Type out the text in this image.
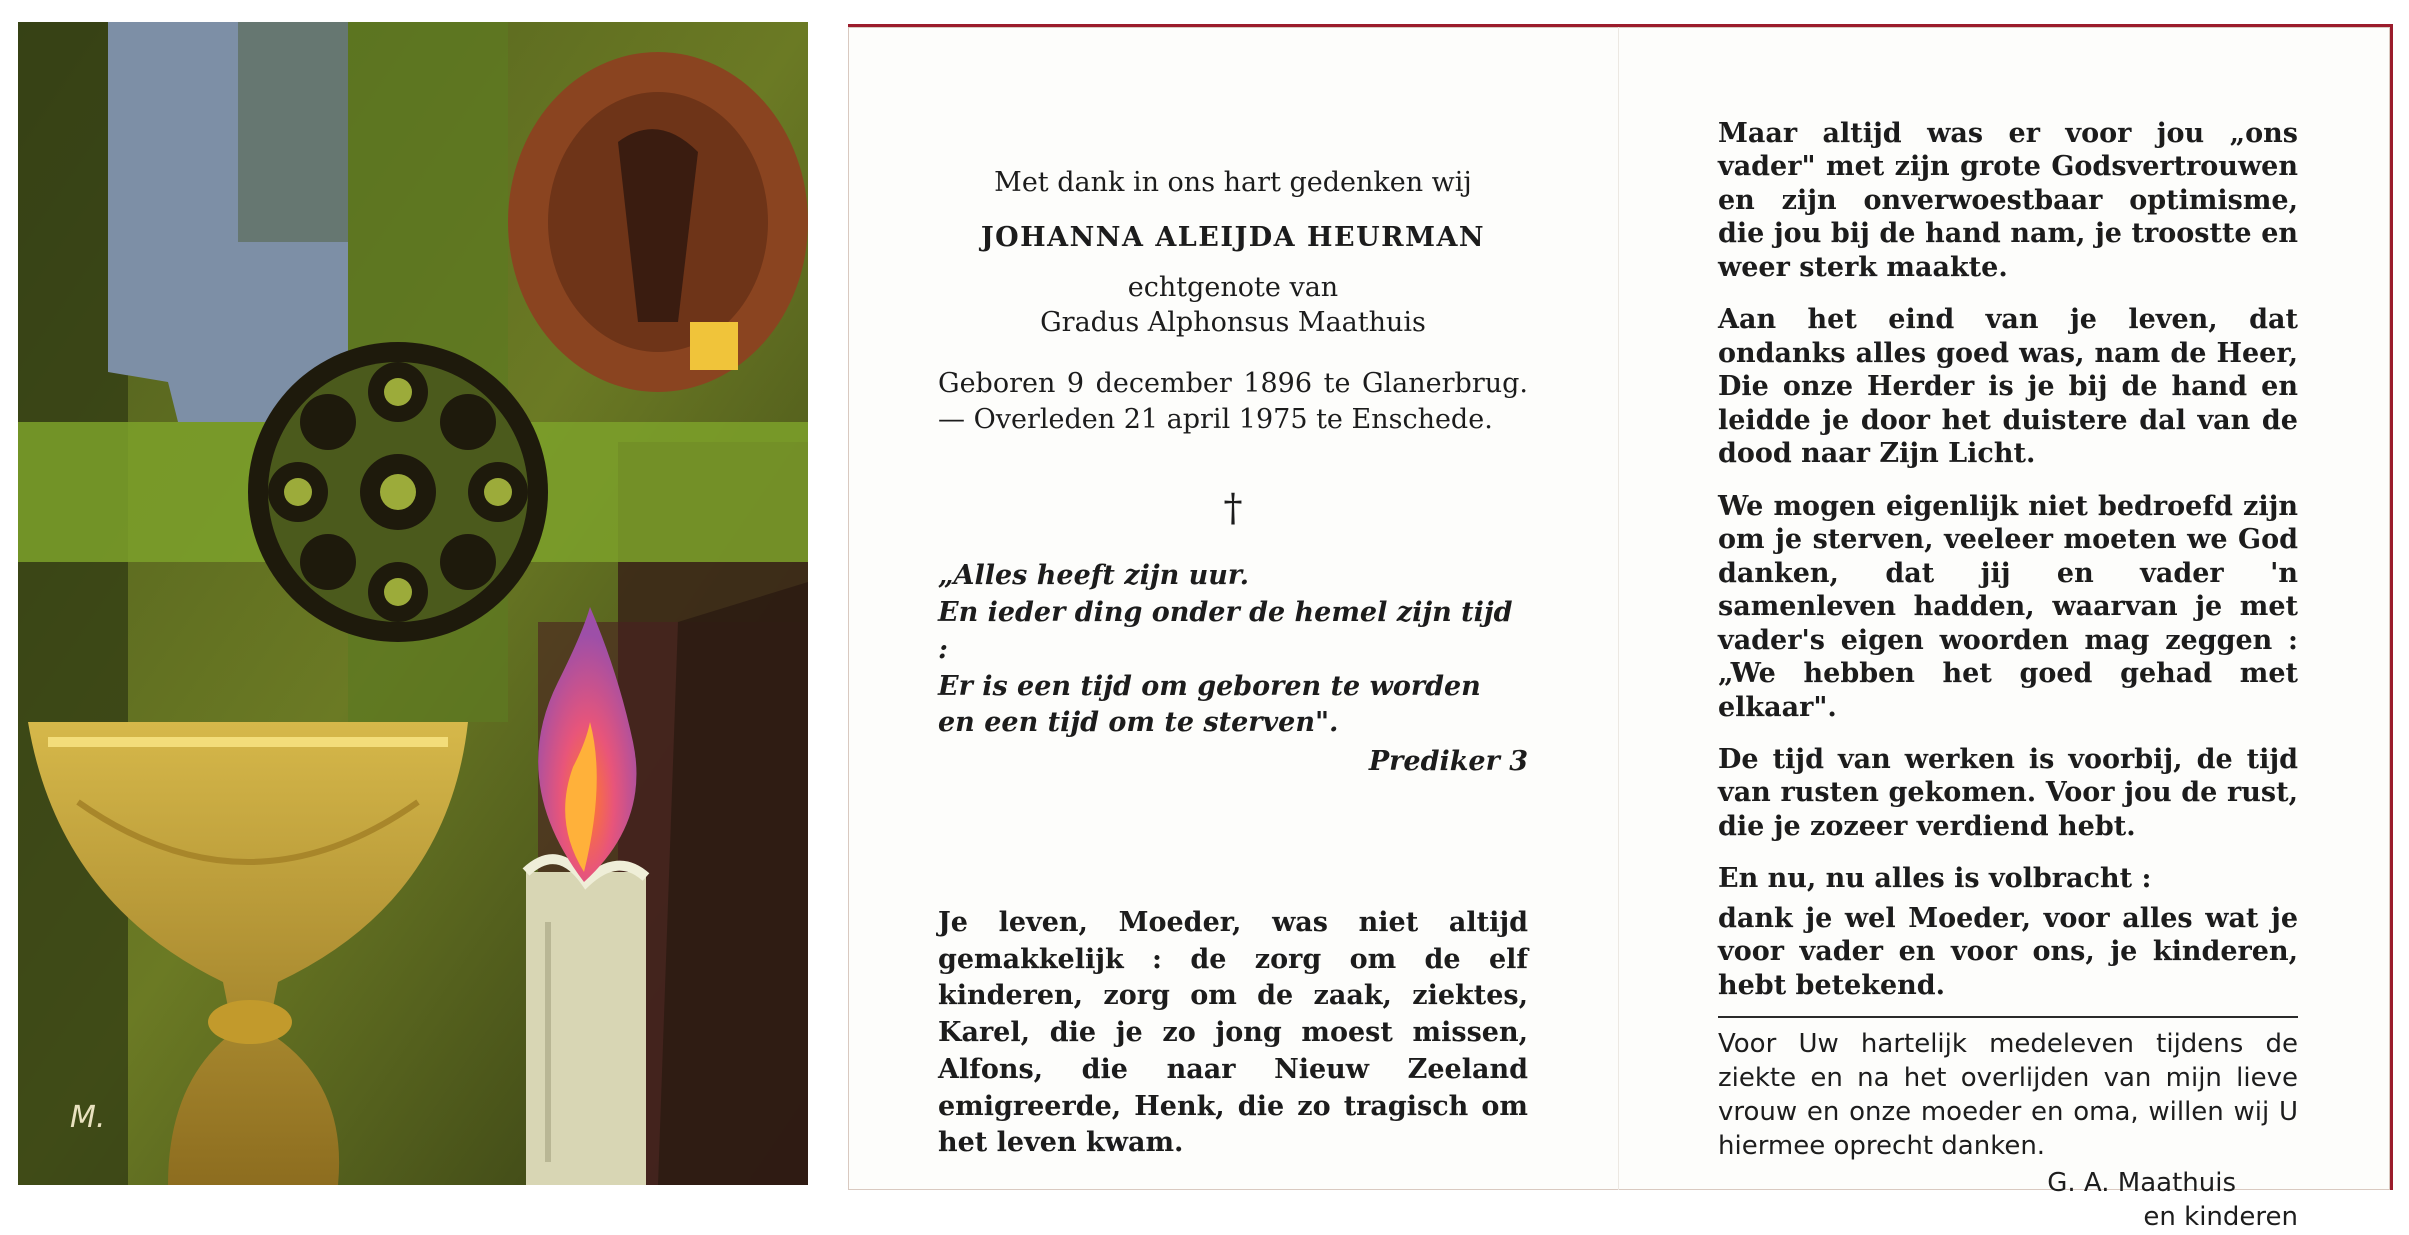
M.

Met dank in ons hart gedenken wij

JOHANNA ALEIJDA HEURMAN

echtgenote van

Gradus Alphonsus Maathuis

Geboren 9 december 1896 te Glanerbrug. — Overleden 21 april 1975 te Enschede.

†

„Alles heeft zijn uur.
En ieder ding onder de hemel zijn tijd :
Er is een tijd om geboren te worden
en een tijd om te sterven".

Prediker 3

Je leven, Moeder, was niet altijd gemakkelijk : de zorg om de elf kinderen, zorg om de zaak, ziektes, Karel, die je zo jong moest missen, Alfons, die naar Nieuw Zeeland emigreerde, Henk, die zo tragisch om het leven kwam.

Maar altijd was er voor jou „ons vader" met zijn grote Godsvertrouwen en zijn onverwoestbaar optimisme, die jou bij de hand nam, je troostte en weer sterk maakte.

Aan het eind van je leven, dat ondanks alles goed was, nam de Heer, Die onze Herder is je bij de hand en leidde je door het duistere dal van de dood naar Zijn Licht.

We mogen eigenlijk niet bedroefd zijn om je sterven, veeleer moeten we God danken, dat jij en vader 'n samenleven hadden, waarvan je met vader's eigen woorden mag zeggen : „We hebben het goed gehad met elkaar".

De tijd van werken is voorbij, de tijd van rusten gekomen. Voor jou de rust, die je zozeer verdiend hebt.

En nu, nu alles is volbracht :

dank je wel Moeder, voor alles wat je voor vader en voor ons, je kinderen, hebt betekend.

Voor Uw hartelijk medeleven tijdens de ziekte en na het overlijden van mijn lieve vrouw en onze moeder en oma, willen wij U hiermee oprecht danken.

G. A. Maathuis
en kinderen
